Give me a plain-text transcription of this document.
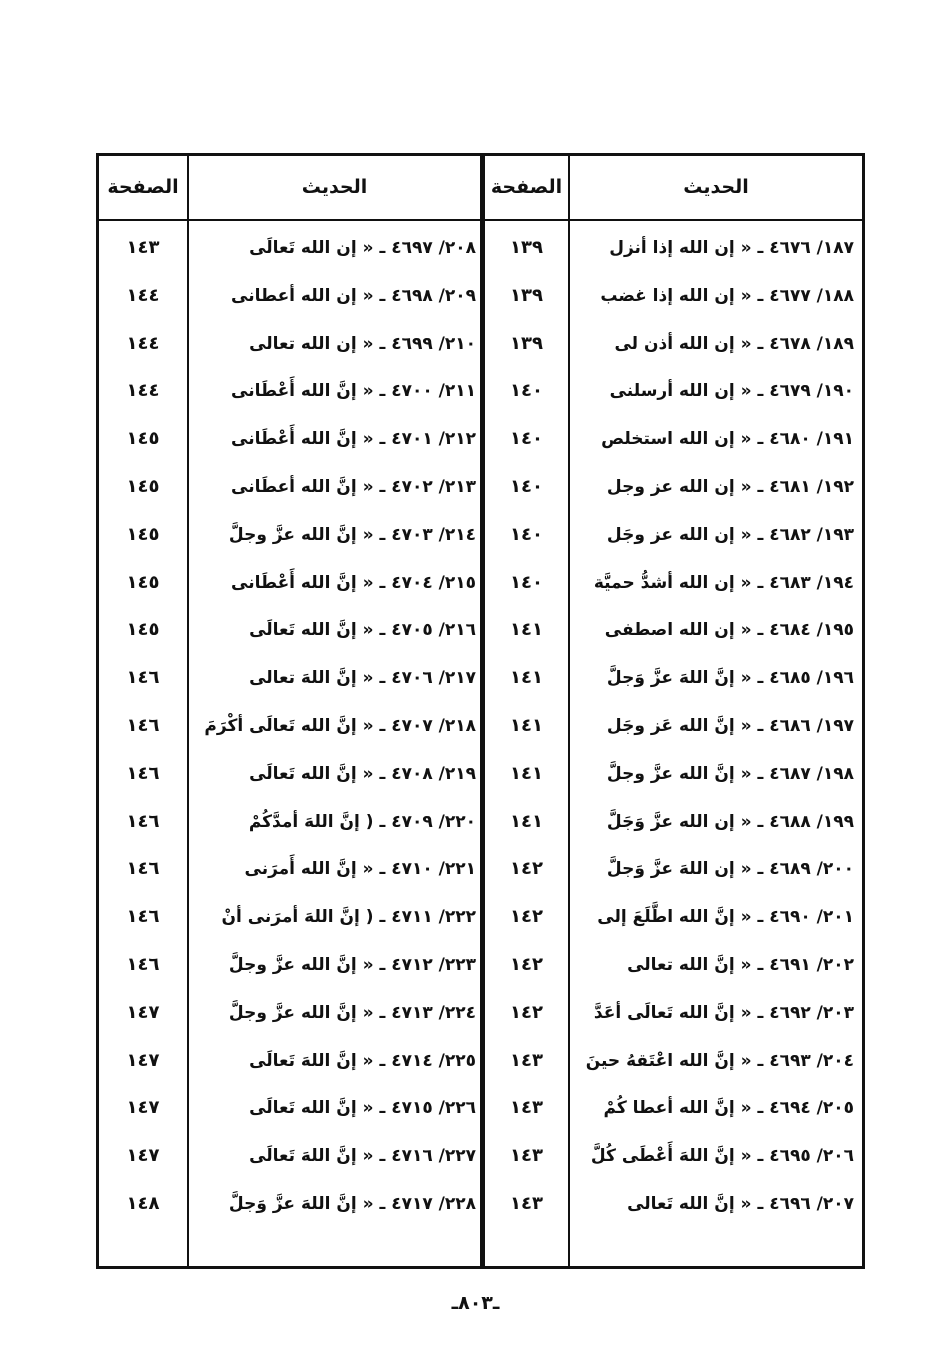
الحديث
الصفحة
الحديث
الصفحة
١٨٧/ ٤٦٧٦ ـ « إن الله إذا أنزل
١٣٩
١٨٨/ ٤٦٧٧ ـ « إن الله إذا غضب
١٣٩
١٨٩/ ٤٦٧٨ ـ « إن الله أذن لى
١٣٩
١٩٠/ ٤٦٧٩ ـ « إن الله أرسلنى
١٤٠
١٩١/ ٤٦٨٠ ـ « إن الله استخلص
١٤٠
١٩٢/ ٤٦٨١ ـ « إن الله عز وجل
١٤٠
١٩٣/ ٤٦٨٢ ـ « إن الله عز وجَل
١٤٠
١٩٤/ ٤٦٨٣ ـ « إن الله أشدُّ حميَّة
١٤٠
١٩٥/ ٤٦٨٤ ـ « إن الله اصطفى
١٤١
١٩٦/ ٤٦٨٥ ـ « إنَّ اللهَ عزَّ وَجلَّ
١٤١
١٩٧/ ٤٦٨٦ ـ « إنَّ الله عَز وجَل
١٤١
١٩٨/ ٤٦٨٧ ـ « إنَّ الله عزَّ وجلَّ
١٤١
١٩٩/ ٤٦٨٨ ـ « إن الله عزَّ وَجَلَّ
١٤١
٢٠٠/ ٤٦٨٩ ـ « إن اللهَ عزَّ وَجلَّ
١٤٢
٢٠١/ ٤٦٩٠ ـ « إنَّ الله اطَّلَعَ إلى
١٤٢
٢٠٢/ ٤٦٩١ ـ « إنَّ الله تعالى
١٤٢
٢٠٣/ ٤٦٩٢ ـ « إنَّ الله تَعالَى أعَدَّ
١٤٢
٢٠٤/ ٤٦٩٣ ـ « إنَّ الله اعْتَقهُ حينَ
١٤٣
٢٠٥/ ٤٦٩٤ ـ « إنَّ الله أعطا كُمْ
١٤٣
٢٠٦/ ٤٦٩٥ ـ « إنَّ اللهَ أَعْطَى كُلَّ
١٤٣
٢٠٧/ ٤٦٩٦ ـ « إنَّ الله تَعالى
١٤٣
٢٠٨/ ٤٦٩٧ ـ « إن الله تَعالَى
١٤٣
٢٠٩/ ٤٦٩٨ ـ « إن الله أعطانى
١٤٤
٢١٠/ ٤٦٩٩ ـ « إن الله تعالى
١٤٤
٢١١/ ٤٧٠٠ ـ « إنَّ الله أَعْطَانى
١٤٤
٢١٢/ ٤٧٠١ ـ « إنَّ الله أَعْطَانى
١٤٥
٢١٣/ ٤٧٠٢ ـ « إنَّ الله أعطَانى
١٤٥
٢١٤/ ٤٧٠٣ ـ « إنَّ الله عزَّ وجلَّ
١٤٥
٢١٥/ ٤٧٠٤ ـ « إنَّ الله أَعْطَانى
١٤٥
٢١٦/ ٤٧٠٥ ـ « إنَّ الله تَعالَى
١٤٥
٢١٧/ ٤٧٠٦ ـ « إنَّ اللهَ تعالى
١٤٦
٢١٨/ ٤٧٠٧ ـ « إنَّ الله تَعالَى أكْرَمَ
١٤٦
٢١٩/ ٤٧٠٨ ـ « إنَّ الله تَعالَى
١٤٦
٢٢٠/ ٤٧٠٩ ـ ( إنَّ اللهَ أمدَّكُمْ
١٤٦
٢٢١/ ٤٧١٠ ـ « إنَّ الله أَمرَنى
١٤٦
٢٢٢/ ٤٧١١ ـ ( إنَّ اللهَ أمرَنى أنْ
١٤٦
٢٢٣/ ٤٧١٢ ـ « إنَّ الله عزَّ وجلَّ
١٤٦
٢٢٤/ ٤٧١٣ ـ « إنَّ الله عزَّ وجلَّ
١٤٧
٢٢٥/ ٤٧١٤ ـ « إنَّ اللهَ تَعالَى
١٤٧
٢٢٦/ ٤٧١٥ ـ « إنَّ الله تَعالَى
١٤٧
٢٢٧/ ٤٧١٦ ـ « إنَّ اللهَ تَعالَى
١٤٧
٢٢٨/ ٤٧١٧ ـ « إنَّ اللهَ عزَّ وَجلَّ
١٤٨
ـ٨٠٣ـ
